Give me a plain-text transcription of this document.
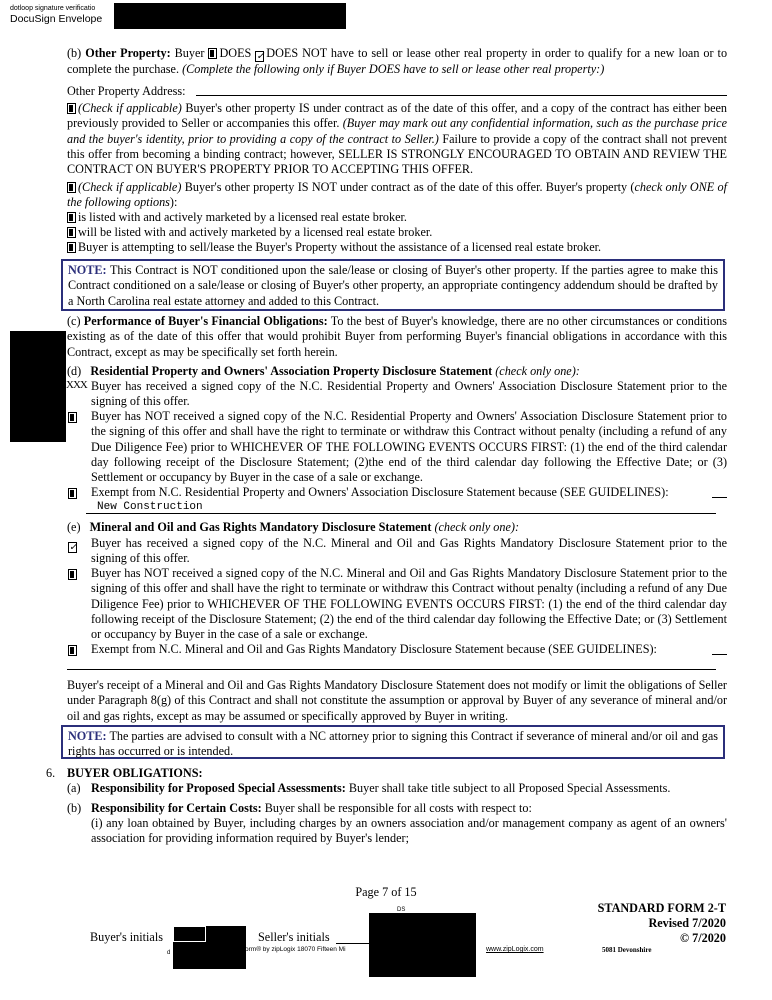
dotloop signature verificatio
DocuSign Envelope
(b) Other Property: Buyer DOES ✓ DOES NOT have to sell or lease other real property in order to qualify for a new loan or to complete the purchase. (Complete the following only if Buyer DOES have to sell or lease other real property:)
Other Property Address:
(Check if applicable) Buyer's other property IS under contract as of the date of this offer, and a copy of the contract has either been previously provided to Seller or accompanies this offer. (Buyer may mark out any confidential information, such as the purchase price and the buyer's identity, prior to providing a copy of the contract to Seller.) Failure to provide a copy of the contract shall not prevent this offer from becoming a binding contract; however, SELLER IS STRONGLY ENCOURAGED TO OBTAIN AND REVIEW THE CONTRACT ON BUYER'S PROPERTY PRIOR TO ACCEPTING THIS OFFER.
(Check if applicable) Buyer's other property IS NOT under contract as of the date of this offer. Buyer's property (check only ONE of the following options):
is listed with and actively marketed by a licensed real estate broker.
will be listed with and actively marketed by a licensed real estate broker.
Buyer is attempting to sell/lease the Buyer's Property without the assistance of a licensed real estate broker.
NOTE: This Contract is NOT conditioned upon the sale/lease or closing of Buyer's other property. If the parties agree to make this Contract conditioned on a sale/lease or closing of Buyer's other property, an appropriate contingency addendum should be drafted by a North Carolina real estate attorney and added to this Contract.
(c) Performance of Buyer's Financial Obligations: To the best of Buyer's knowledge, there are no other circumstances or conditions existing as of the date of this offer that would prohibit Buyer from performing Buyer's financial obligations in accordance with this Contract, except as may be specifically set forth herein.
(d) Residential Property and Owners' Association Property Disclosure Statement (check only one):
XXX Buyer has received a signed copy of the N.C. Residential Property and Owners' Association Disclosure Statement prior to the signing of this offer.
Buyer has NOT received a signed copy of the N.C. Residential Property and Owners' Association Disclosure Statement prior to the signing of this offer and shall have the right to terminate or withdraw this Contract without penalty (including a refund of any Due Diligence Fee) prior to WHICHEVER OF THE FOLLOWING EVENTS OCCURS FIRST: (1) the end of the third calendar day following receipt of the Disclosure Statement; (2)the end of the third calendar day following the Effective Date; or (3) Settlement or occupancy by Buyer in the case of a sale or exchange.
Exempt from N.C. Residential Property and Owners' Association Disclosure Statement because (SEE GUIDELINES):
New Construction
(e) Mineral and Oil and Gas Rights Mandatory Disclosure Statement (check only one):
✓ Buyer has received a signed copy of the N.C. Mineral and Oil and Gas Rights Mandatory Disclosure Statement prior to the signing of this offer.
Buyer has NOT received a signed copy of the N.C. Mineral and Oil and Gas Rights Mandatory Disclosure Statement prior to the signing of this offer and shall have the right to terminate or withdraw this Contract without penalty (including a refund of any Due Diligence Fee) prior to WHICHEVER OF THE FOLLOWING EVENTS OCCURS FIRST: (1) the end of the third calendar day following receipt of the Disclosure Statement; (2) the end of the third calendar day following the Effective Date; or (3) Settlement or occupancy by Buyer in the case of a sale or exchange.
Exempt from N.C. Mineral and Oil and Gas Rights Mandatory Disclosure Statement because (SEE GUIDELINES):
Buyer's receipt of a Mineral and Oil and Gas Rights Mandatory Disclosure Statement does not modify or limit the obligations of Seller under Paragraph 8(g) of this Contract and shall not constitute the assumption or approval by Buyer of any severance of mineral and/or oil and gas rights, except as may be assumed or specifically approved by Buyer in writing.
NOTE: The parties are advised to consult with a NC attorney prior to signing this Contract if severance of mineral and/or oil and gas rights has occurred or is intended.
6. BUYER OBLIGATIONS:
(a) Responsibility for Proposed Special Assessments: Buyer shall take title subject to all Proposed Special Assessments.
(b) Responsibility for Certain Costs: Buyer shall be responsible for all costs with respect to:
(i) any loan obtained by Buyer, including charges by an owners association and/or management company as agent of an owners' association for providing information required by Buyer's lender;
Page 7 of 15
Buyer's initials
d
Seller's initials
DS
orm® by zipLogix 18070 Fifteen Mi	www.zipLogix.com	5081 Devonshire
STANDARD FORM 2-T
Revised 7/2020
© 7/2020
